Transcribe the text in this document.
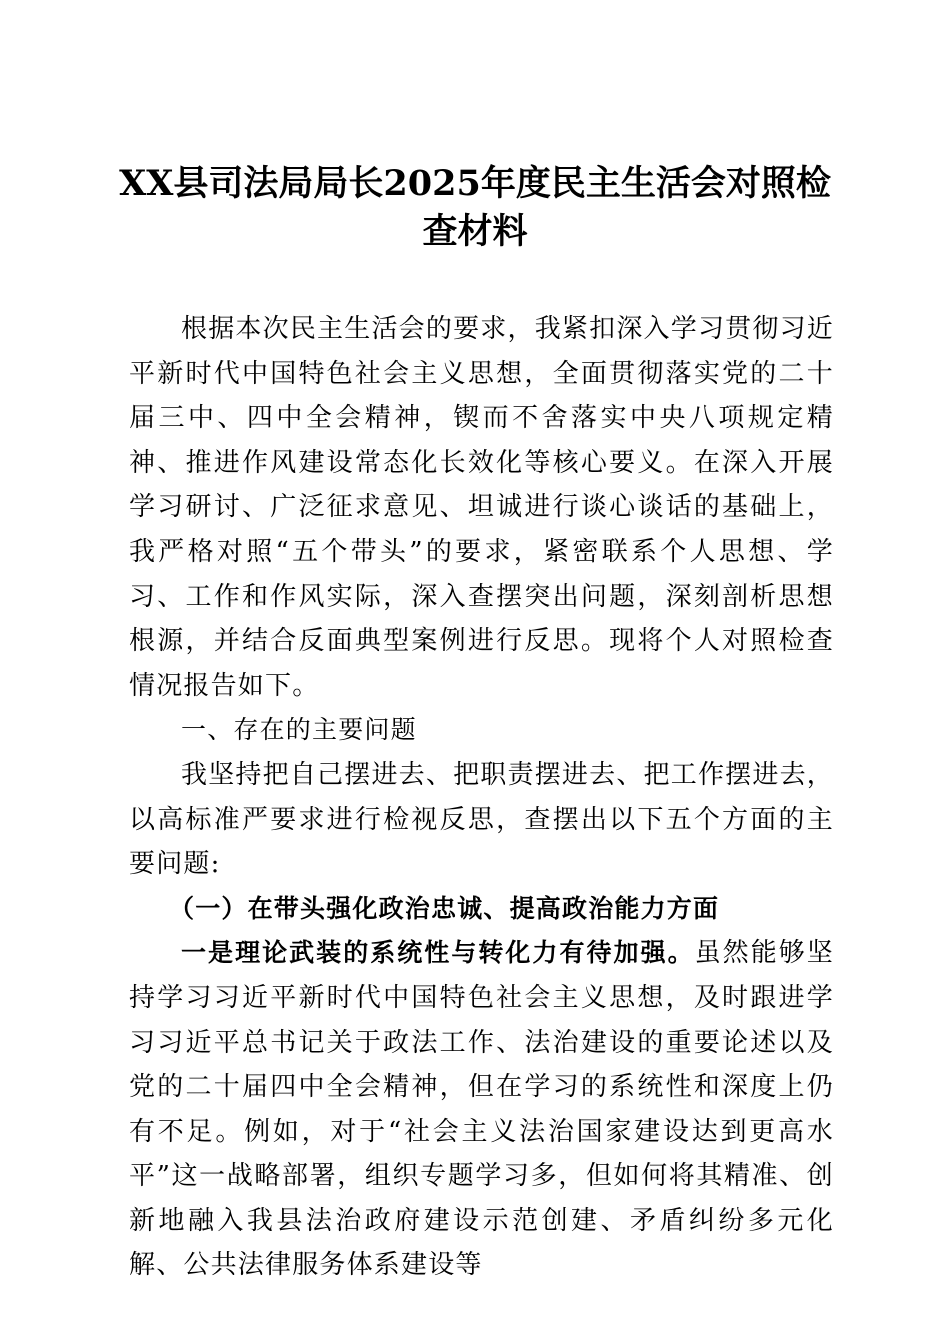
XX县司法局局长2025年度民主生活会对照检
查材料

根据本次民主生活会的要求，我紧扣深入学习贯彻习近平新时代中国特色社会主义思想，全面贯彻落实党的二十届三中、四中全会精神，锲而不舍落实中央八项规定精神、推进作风建设常态化长效化等核心要义。在深入开展学习研讨、广泛征求意见、坦诚进行谈心谈话的基础上，我严格对照“五个带头”的要求，紧密联系个人思想、学习、工作和作风实际，深入查摆突出问题，深刻剖析思想根源，并结合反面典型案例进行反思。现将个人对照检查情况报告如下。

一、存在的主要问题

我坚持把自己摆进去、把职责摆进去、把工作摆进去，以高标准严要求进行检视反思，查摆出以下五个方面的主要问题:

（一）在带头强化政治忠诚、提高政治能力方面

一是理论武装的系统性与转化力有待加强。虽然能够坚持学习习近平新时代中国特色社会主义思想，及时跟进学习习近平总书记关于政法工作、法治建设的重要论述以及党的二十届四中全会精神，但在学习的系统性和深度上仍有不足。例如，对于“社会主义法治国家建设达到更高水平”这一战略部署，组织专题学习多，但如何将其精准、创新地融入我县法治政府建设示范创建、矛盾纠纷多元化解、公共法律服务体系建设等
